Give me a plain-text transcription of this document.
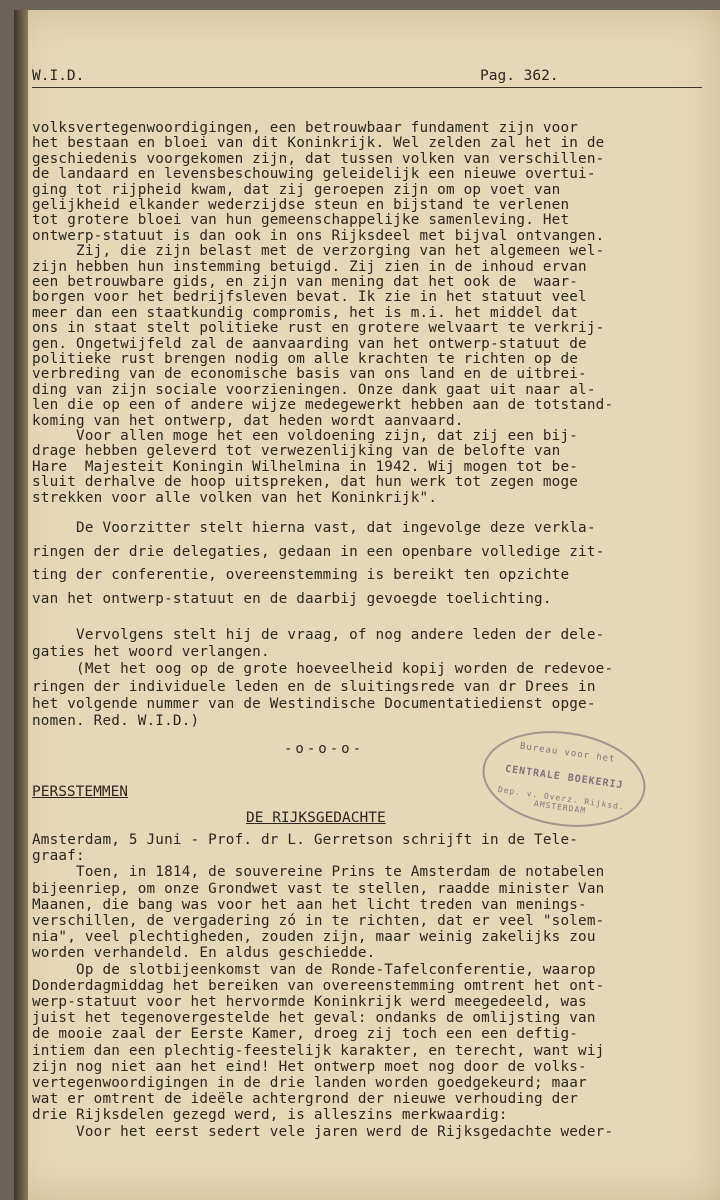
W.I.D.	Pag. 362.
volksvertegenwoordigingen, een betrouwbaar fundament zijn voor
het bestaan en bloei van dit Koninkrijk. Wel zelden zal het in de
geschiedenis voorgekomen zijn, dat tussen volken van verschillen-
de landaard en levensbeschouwing geleidelijk een nieuwe overtui-
ging tot rijpheid kwam, dat zij geroepen zijn om op voet van
gelijkheid elkander wederzijdse steun en bijstand te verlenen
tot grotere bloei van hun gemeenschappelijke samenleving. Het
ontwerp-statuut is dan ook in ons Rijksdeel met bijval ontvangen.
Zij, die zijn belast met de verzorging van het algemeen wel-
zijn hebben hun instemming betuigd. Zij zien in de inhoud ervan
een betrouwbare gids, en zijn van mening dat het ook de  waar-
borgen voor het bedrijfsleven bevat. Ik zie in het statuut veel
meer dan een staatkundig compromis, het is m.i. het middel dat
ons in staat stelt politieke rust en grotere welvaart te verkrij-
gen. Ongetwijfeld zal de aanvaarding van het ontwerp-statuut de
politieke rust brengen nodig om alle krachten te richten op de
verbreding van de economische basis van ons land en de uitbrei-
ding van zijn sociale voorzieningen. Onze dank gaat uit naar al-
len die op een of andere wijze medegewerkt hebben aan de totstand-
koming van het ontwerp, dat heden wordt aanvaard.
Voor allen moge het een voldoening zijn, dat zij een bij-
drage hebben geleverd tot verwezenlijking van de belofte van
Hare  Majesteit Koningin Wilhelmina in 1942. Wij mogen tot be-
sluit derhalve de hoop uitspreken, dat hun werk tot zegen moge
strekken voor alle volken van het Koninkrijk".
De Voorzitter stelt hierna vast, dat ingevolge deze verkla-
ringen der drie delegaties, gedaan in een openbare volledige zit-
ting der conferentie, overeenstemming is bereikt ten opzichte
van het ontwerp-statuut en de daarbij gevoegde toelichting.
Vervolgens stelt hij de vraag, of nog andere leden der dele-
gaties het woord verlangen.
(Met het oog op de grote hoeveelheid kopij worden de redevoe-
ringen der individuele leden en de sluitingsrede van dr Drees in
het volgende nummer van de Westindische Documentatiedienst opge-
nomen. Red. W.I.D.)
-o-o-o-	Bureau voor het
CENTRALE BOEKERIJ
Dep. v. Overz. Rijksd. AMSTERDAM
PERSSTEMMEN
DE RIJKSGEDACHTE
Amsterdam, 5 Juni - Prof. dr L. Gerretson schrijft in de Tele-
graaf:
Toen, in 1814, de souvereine Prins te Amsterdam de notabelen
bijeenriep, om onze Grondwet vast te stellen, raadde minister Van
Maanen, die bang was voor het aan het licht treden van menings-
verschillen, de vergadering zó in te richten, dat er veel "solem-
nia", veel plechtigheden, zouden zijn, maar weinig zakelijks zou
worden verhandeld. En aldus geschiedde.
Op de slotbijeenkomst van de Ronde-Tafelconferentie, waarop
Donderdagmiddag het bereiken van overeenstemming omtrent het ont-
werp-statuut voor het hervormde Koninkrijk werd meegedeeld, was
juist het tegenovergestelde het geval: ondanks de omlijsting van
de mooie zaal der Eerste Kamer, droeg zij toch een een deftig-
intiem dan een plechtig-feestelijk karakter, en terecht, want wij
zijn nog niet aan het eind! Het ontwerp moet nog door de volks-
vertegenwoordigingen in de drie landen worden goedgekeurd; maar
wat er omtrent de ideële achtergrond der nieuwe verhouding der
drie Rijksdelen gezegd werd, is alleszins merkwaardig:
Voor het eerst sedert vele jaren werd de Rijksgedachte weder-
